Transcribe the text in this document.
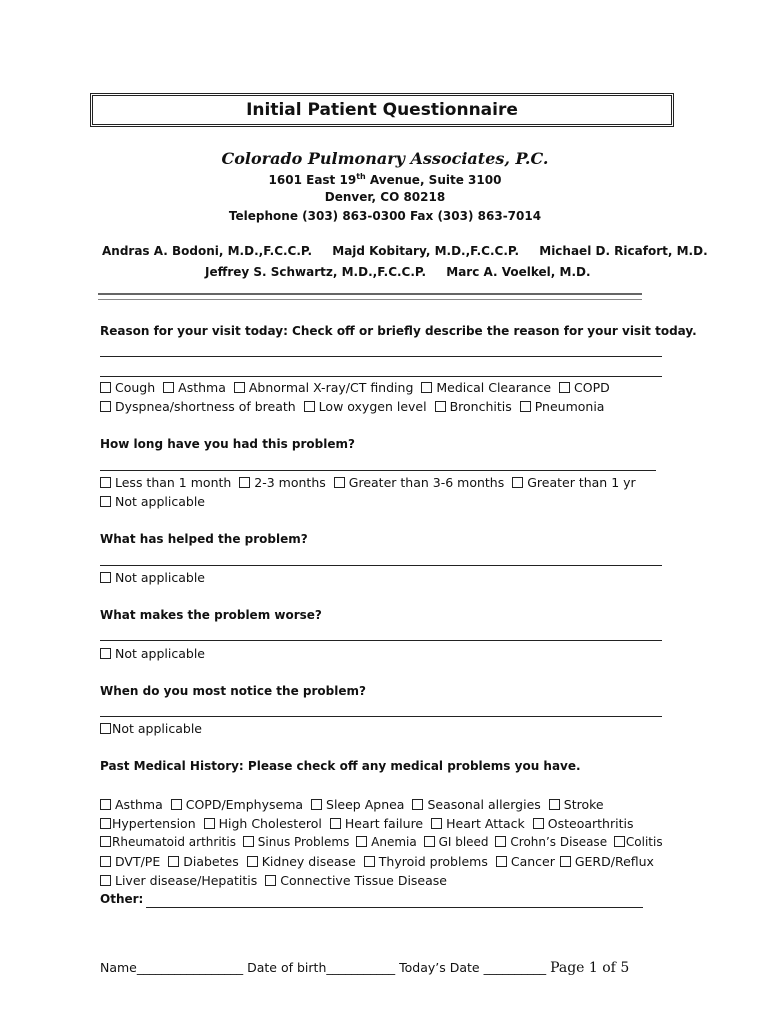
Initial Patient Questionnaire
Colorado Pulmonary Associates, P.C.
1601 East 19th Avenue, Suite 3100
Denver, CO 80218
Telephone (303) 863-0300 Fax (303) 863-7014
Andras A. Bodoni, M.D.,F.C.C.P. Majd Kobitary, M.D.,F.C.C.P. Michael D. Ricafort, M.D.
Jeffrey S. Schwartz, M.D.,F.C.C.P. Marc A. Voelkel, M.D.
Reason for your visit today: Check off or briefly describe the reason for your visit today.
Cough Asthma Abnormal X-ray/CT finding Medical Clearance COPD
Dyspnea/shortness of breath Low oxygen level Bronchitis Pneumonia
How long have you had this problem?
Less than 1 month 2-3 months Greater than 3-6 months Greater than 1 yr
Not applicable
What has helped the problem?
Not applicable
What makes the problem worse?
Not applicable
When do you most notice the problem?
Not applicable
Past Medical History: Please check off any medical problems you have.
Asthma COPD/Emphysema Sleep Apnea Seasonal allergies Stroke
Hypertension High Cholesterol Heart failure Heart Attack Osteoarthritis
Rheumatoid arthritis Sinus Problems Anemia GI bleed Crohn’s Disease Colitis
DVT/PE Diabetes Kidney disease Thyroid problems Cancer GERD/Reflux
Liver disease/Hepatitis Connective Tissue Disease
Other:
Name_________________ Date of birth___________ Today’s Date __________ Page 1 of 5
